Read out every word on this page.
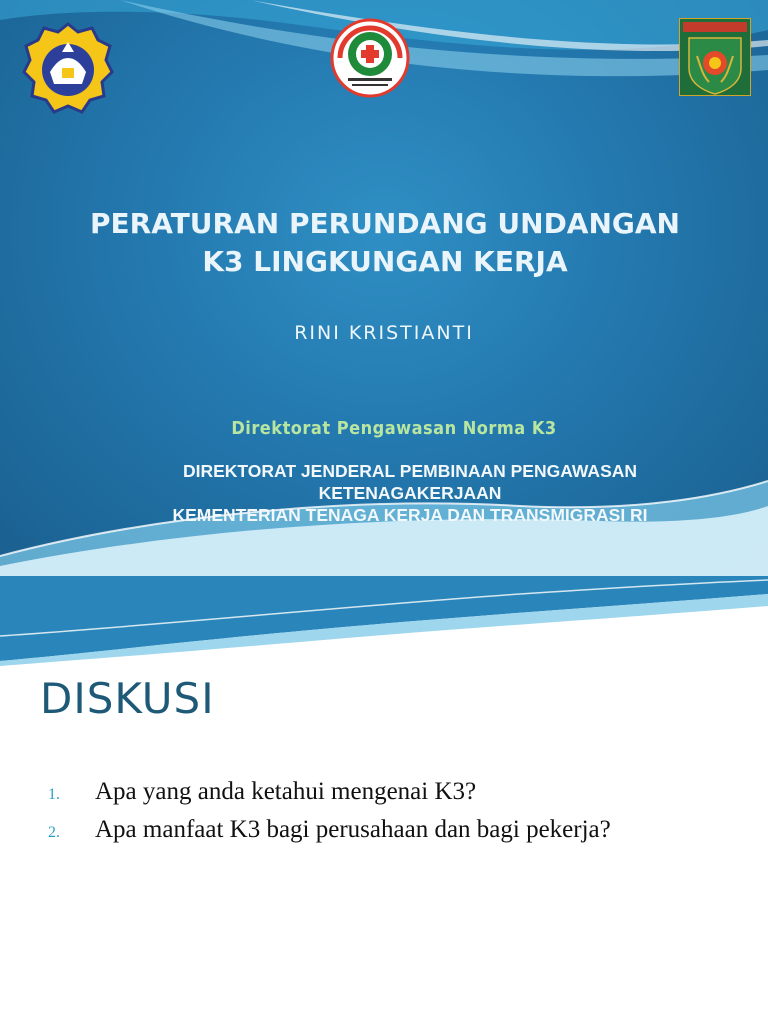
PERATURAN PERUNDANG UNDANGAN
K3 LINGKUNGAN KERJA
RINI KRISTIANTI
Direktorat Pengawasan Norma K3
DIREKTORAT JENDERAL PEMBINAAN PENGAWASAN
KETENAGAKERJAAN
KEMENTERIAN TENAGA KERJA DAN TRANSMIGRASI RI
DISKUSI
1.	Apa yang anda ketahui mengenai K3?
2.	Apa manfaat K3 bagi perusahaan dan bagi pekerja?
